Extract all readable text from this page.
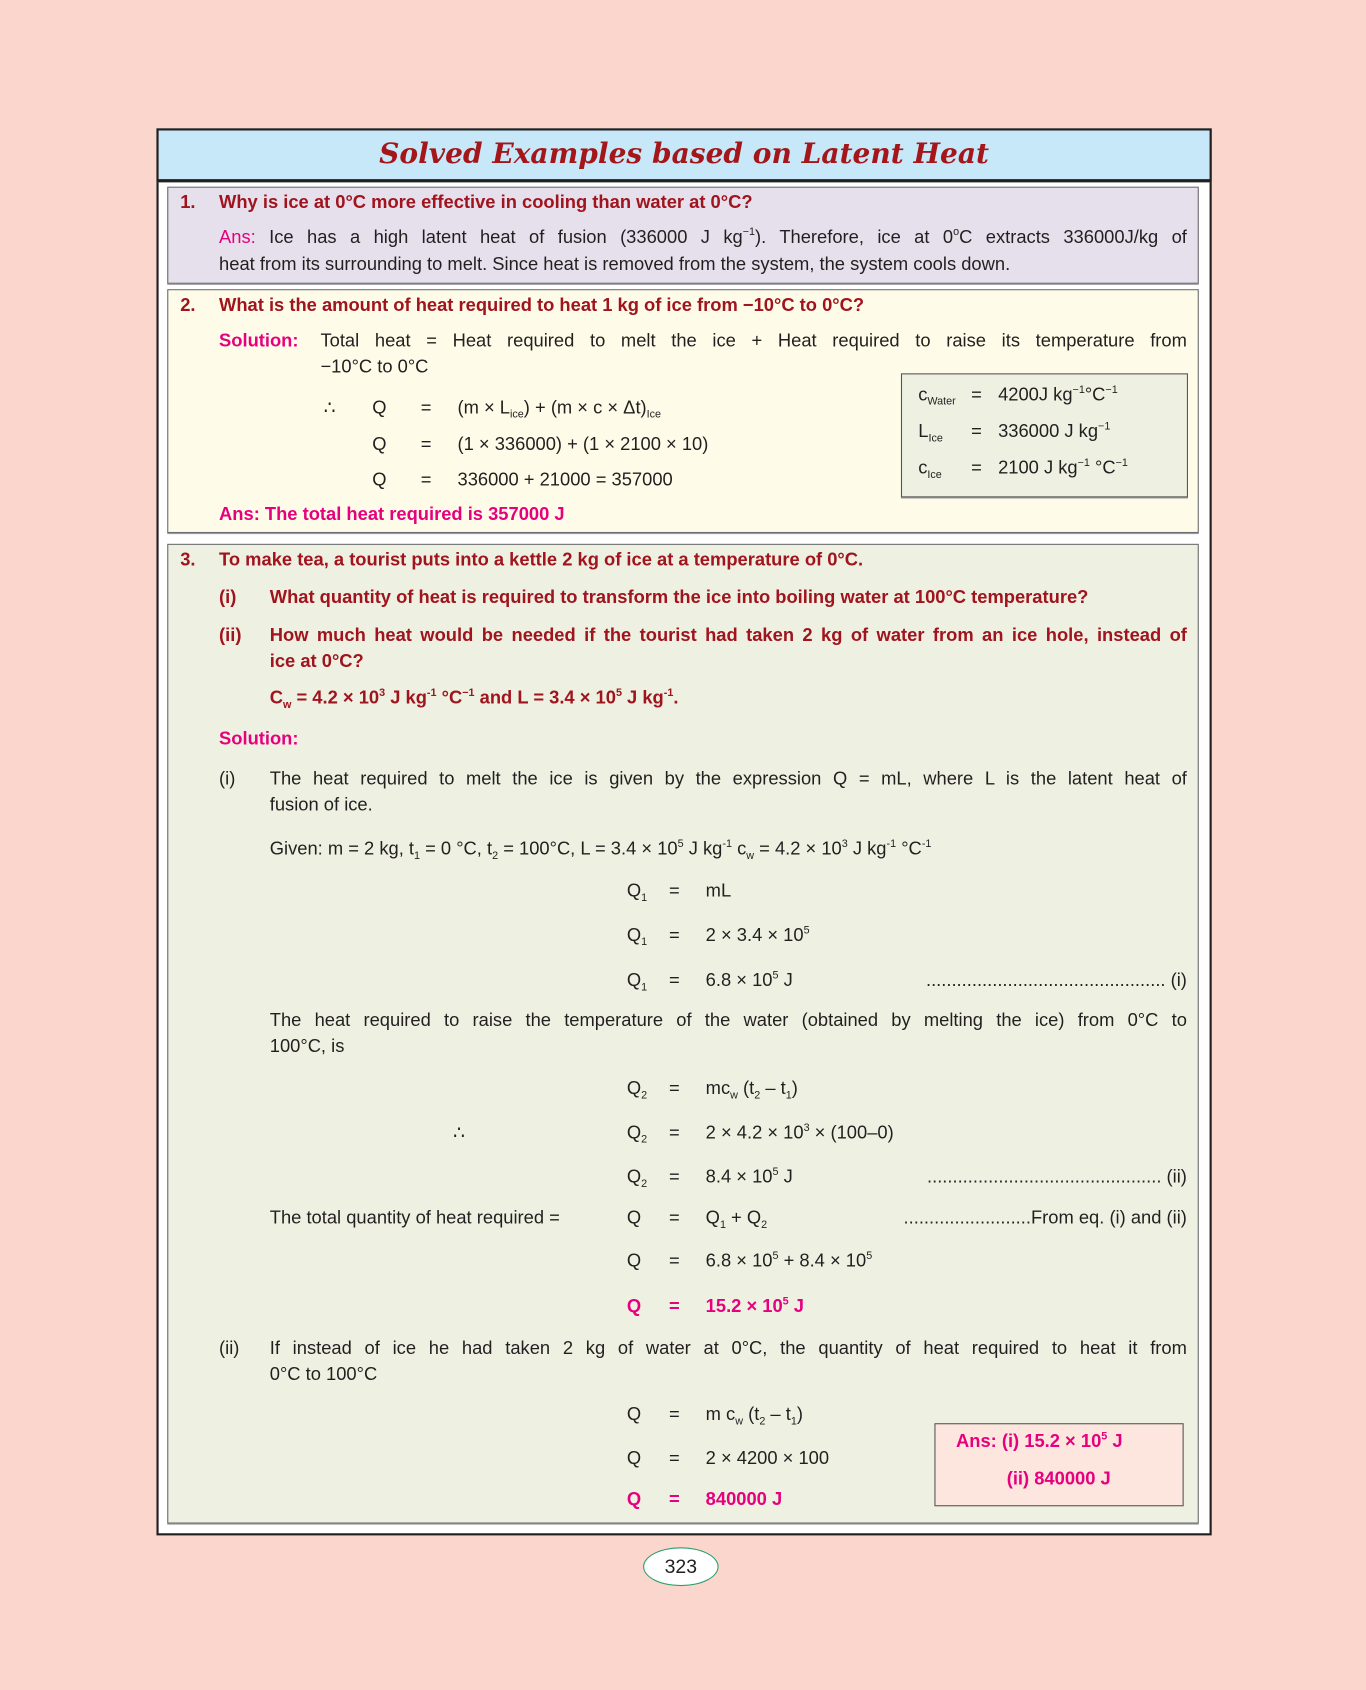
Solved Examples based on Latent Heat
1. Why is ice at 0°C more effective in cooling than water at 0°C?
Ans: Ice has a high latent heat of fusion (336000 J $kg^{-1}$). Therefore, ice at 0$^o$C extracts 336000J/kg of
heat from its surrounding to melt. Since heat is removed from the system, the system cools down.
2. What is the amount of heat required to heat 1 kg of ice from −10°C to 0°C?
Solution: Total heat = Heat required to melt the ice + Heat required to raise its temperature from
−10°C to 0°C
∴ $Q = (m \times L_{ice}) + (m \times c \times \Delta t)_{Ice}$
Q = (1 × 336000) + (1 × 2100 × 10)
Q = 336000 + 21000 = 357000
Ans: The total heat required is 357000 J
$c_{Water} = 4200J$ $kg^{-1}^\circ C^{-1}$
$L_{Ice} = 336000$ J $kg^{-1}$
$c_{Ice} = 2100$ J $kg^{-1}$ $^\circ C^{-1}$
3. To make tea, a tourist puts into a kettle 2 kg of ice at a temperature of 0°C.
(i) What quantity of heat is required to transform the ice into boiling water at 100°C temperature?
(ii) How much heat would be needed if the tourist had taken 2 kg of water from an ice hole, instead of
ice at 0°C?
$C_w = 4.2 \times 10^3$ J $kg^{-1}$ $^\circ C^{-1}$ and $L = 3.4 \times 10^5$ J $kg^{-1}$.
Solution:
(i) The heat required to melt the ice is given by the expression Q = mL, where L is the latent heat of
fusion of ice.
Given: m = 2 kg, $t_1 = 0$ °C, $t_2 = 100^\circ C$, $L = 3.4 \times 10^5$ J $kg^{-1}$ $c_w = 4.2 \times 10^3$ J $kg^{-1}$ $^\circ C^{-1}$
$Q_1$ = mL
$Q_1 = 2 \times 3.4 \times 10^5$
$Q_1 = 6.8 \times 10^5$ J	............................................... (i)
The heat required to raise the temperature of the water (obtained by melting the ice) from 0°C to
100°C, is
$Q_2 = mc_w$ $(t_2 - t_1)$
$Q_2 = 2 \times 4.2 \times 10^3 \times (100-0)$
$Q_2 = 8.4 \times 10^5$ J	.............................................. (ii)
∴
The total quantity of heat required =	$Q = Q_1 + Q_2$	.........................From eq. (i) and (ii)
$Q = 6.8 \times 10^5 + 8.4 \times 10^5$
$Q = 15.2 \times 10^5$ J
(ii) If instead of ice he had taken 2 kg of water at 0°C, the quantity of heat required to heat it from
0°C to 100°C
Q = m $c_w$ $(t_2 - t_1)$
Q = 2 × 4200 × 100
Q = 840000 J
Ans: (i) $15.2 \times 10^5$ J
(ii) 840000 J
323
